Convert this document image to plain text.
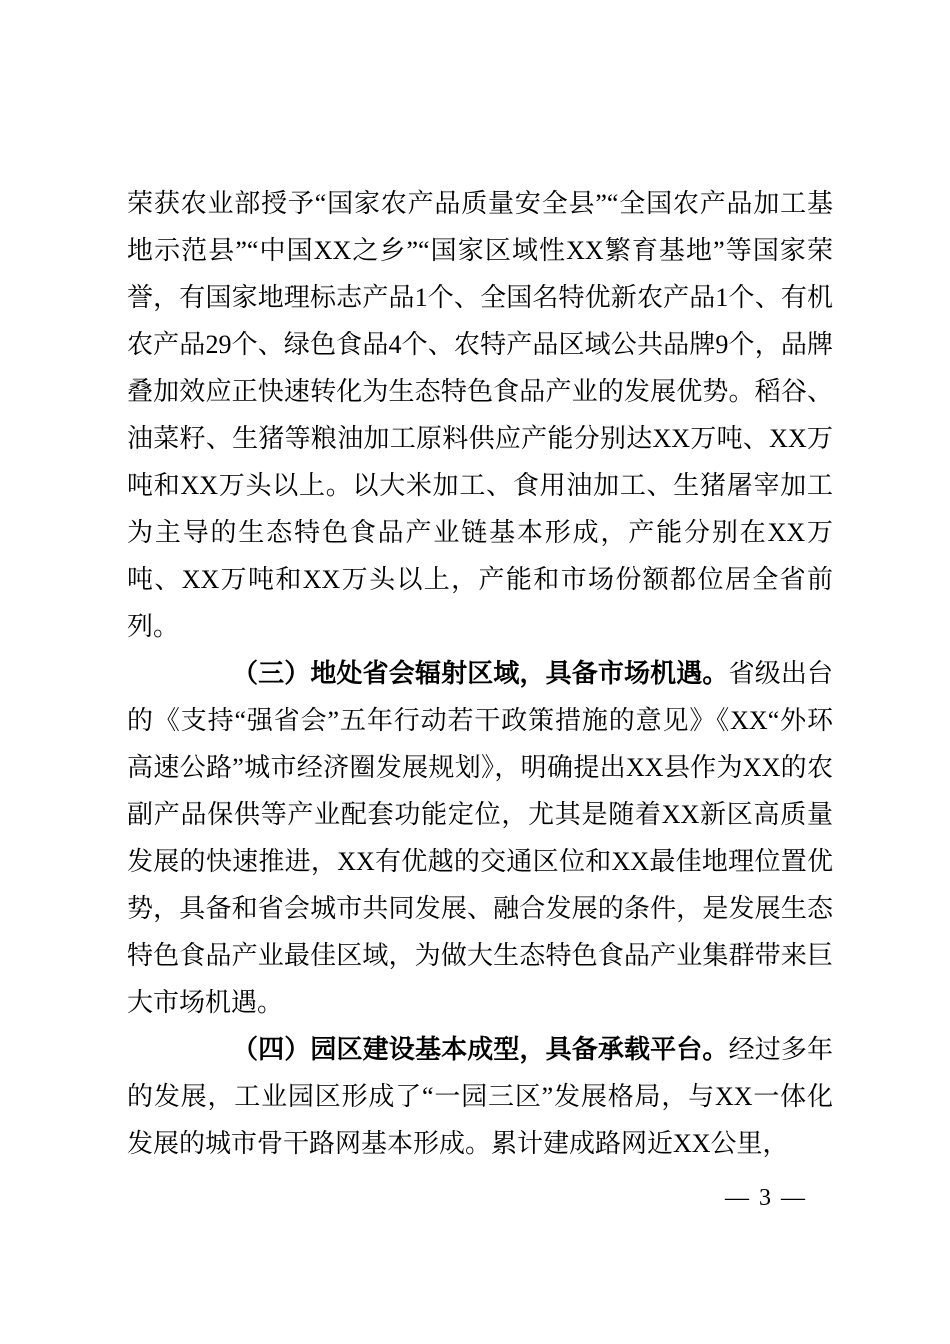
荣获农业部授予“国家农产品质量安全县”“全国农产品加工基地示范县”“中国XX之乡”“国家区域性XX繁育基地”等国家荣誉，有国家地理标志产品1个、全国名特优新农产品1个、有机农产品29个、绿色食品4个、农特产品区域公共品牌9个，品牌叠加效应正快速转化为生态特色食品产业的发展优势。稻谷、油菜籽、生猪等粮油加工原料供应产能分别达XX万吨、XX万吨和XX万头以上。以大米加工、食用油加工、生猪屠宰加工为主导的生态特色食品产业链基本形成，产能分别在XX万吨、XX万吨和XX万头以上，产能和市场份额都位居全省前列。

（三）地处省会辐射区域，具备市场机遇。省级出台的《支持“强省会”五年行动若干政策措施的意见》《XX“外环高速公路”城市经济圈发展规划》，明确提出XX县作为XX的农副产品保供等产业配套功能定位，尤其是随着XX新区高质量发展的快速推进，XX有优越的交通区位和XX最佳地理位置优势，具备和省会城市共同发展、融合发展的条件，是发展生态特色食品产业最佳区域，为做大生态特色食品产业集群带来巨大市场机遇。

（四）园区建设基本成型，具备承载平台。经过多年的发展，工业园区形成了“一园三区”发展格局，与XX一体化发展的城市骨干路网基本形成。累计建成路网近XX公里，

— 3 —
